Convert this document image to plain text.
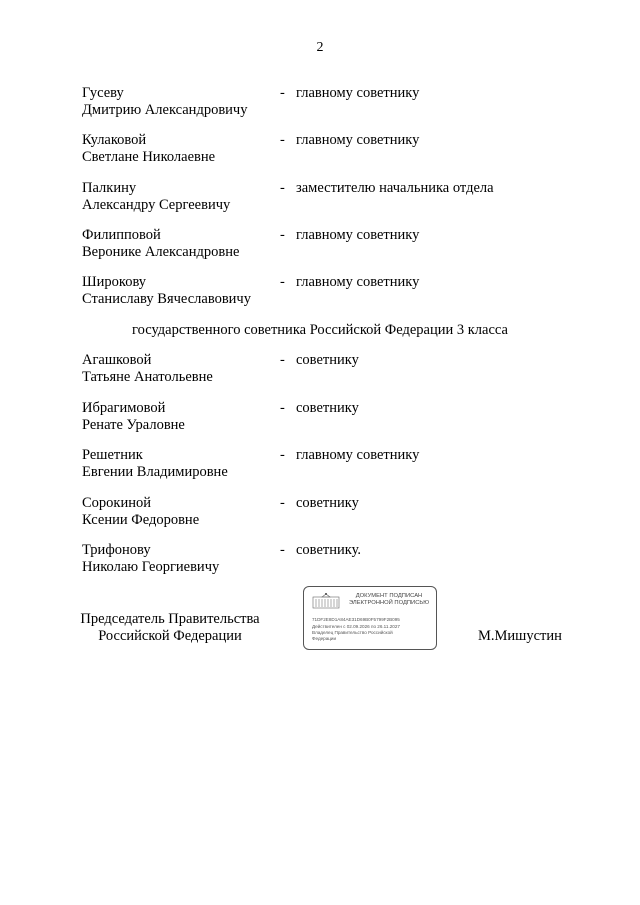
2
Гусеву
Дмитрию Александровичу
- главному советнику
Кулаковой
Светлане Николаевне
- главному советнику
Палкину
Александру Сергеевичу
- заместителю начальника отдела
Филипповой
Веронике Александровне
- главному советнику
Широкову
Станиславу Вячеславовичу
- главному советнику
государственного советника Российской Федерации 3 класса
Агашковой
Татьяне Анатольевне
- советнику
Ибрагимовой
Ренате Ураловне
- советнику
Решетник
Евгении Владимировне
- главному советнику
Сорокиной
Ксении Федоровне
- советнику
Трифонову
Николаю Георгиевичу
- советнику.
Председатель Правительства
Российской Федерации
ДОКУМЕНТ ПОДПИСАН
ЭЛЕКТРОННОЙ ПОДПИСЬЮ
71DF2E8D1A84AE31D69B0F5799F2B095
Действителен с 02.09.2026 по 26.11.2027
Владелец Правительство Российской
Федерации	М.Мишустин
